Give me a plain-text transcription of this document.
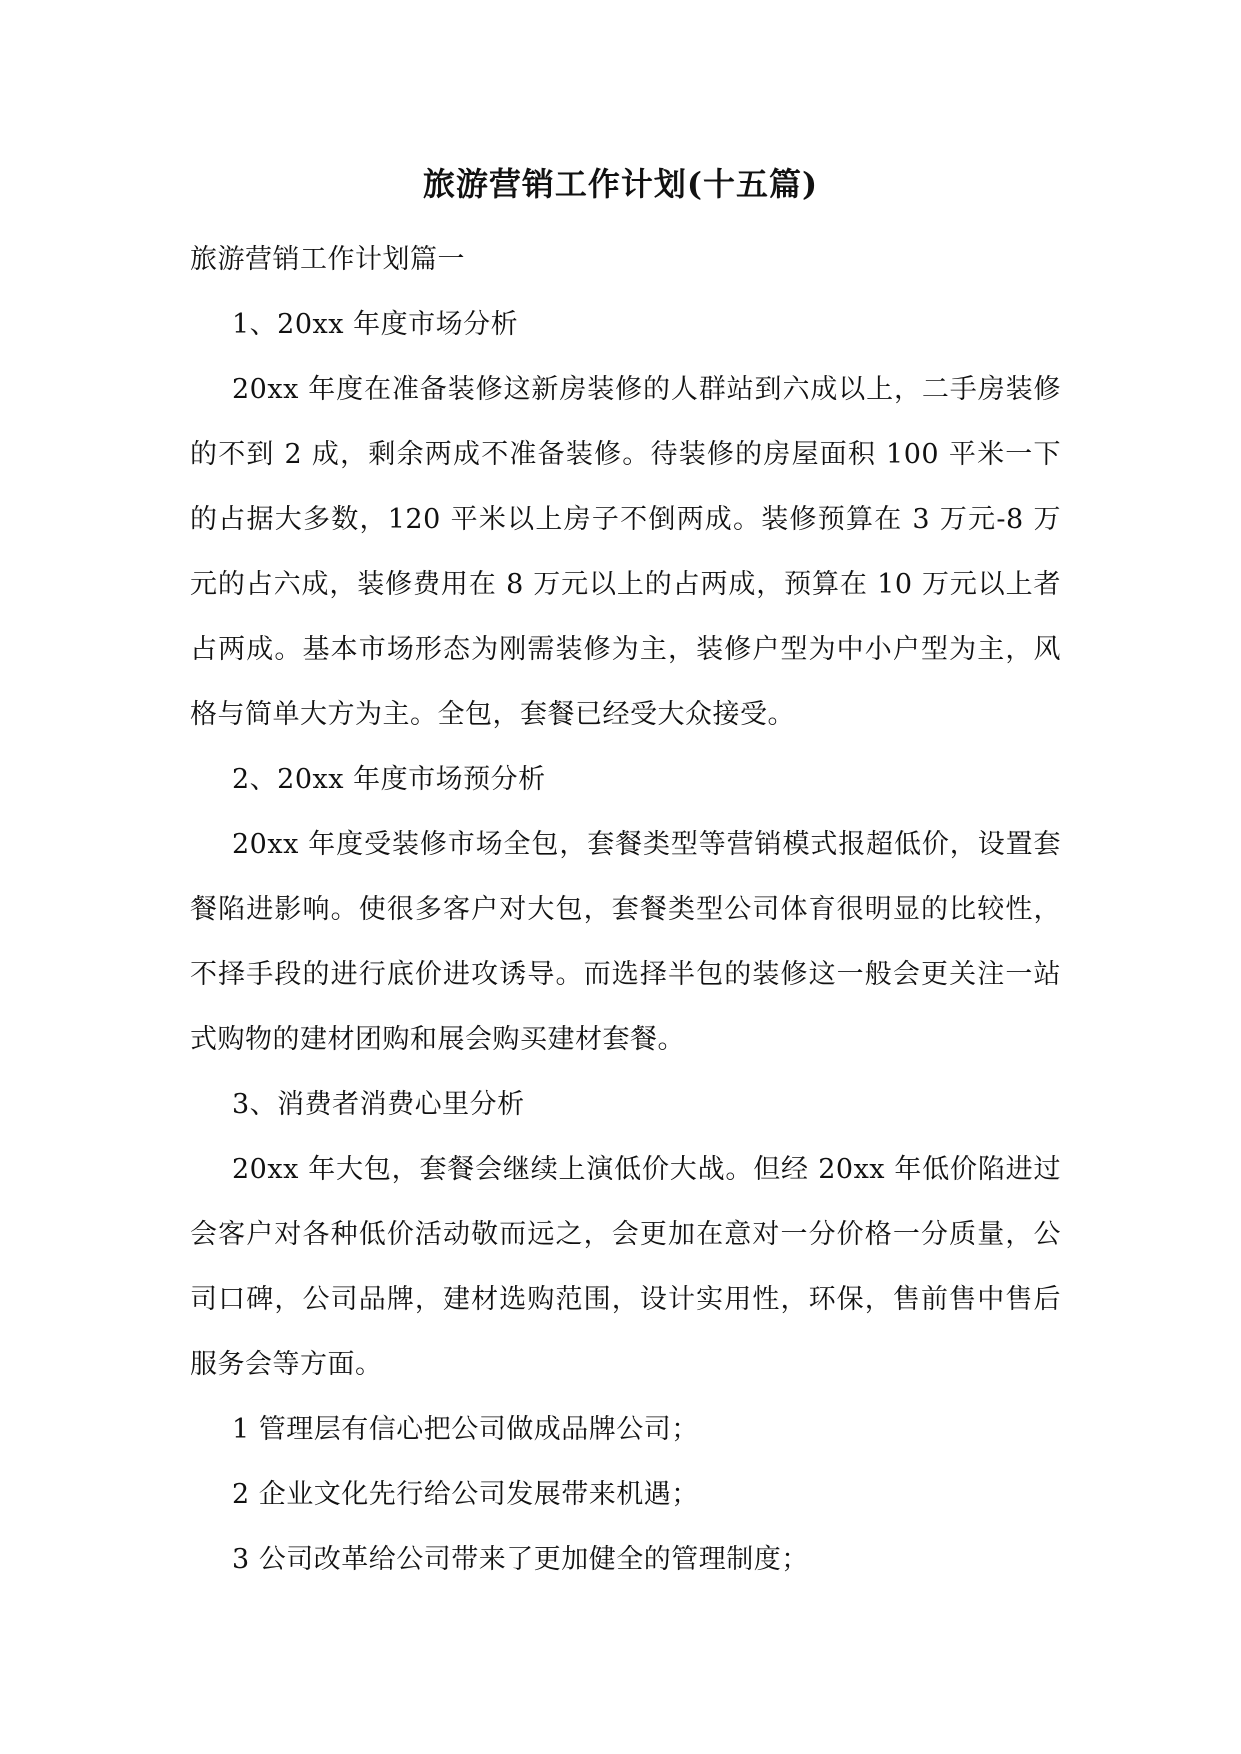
旅游营销工作计划(十五篇)

旅游营销工作计划篇一

1、20xx 年度市场分析

20xx 年度在准备装修这新房装修的人群站到六成以上，二手房装修的不到 2 成，剩余两成不准备装修。待装修的房屋面积 100 平米一下的占据大多数，120 平米以上房子不倒两成。装修预算在 3 万元-8 万元的占六成，装修费用在 8 万元以上的占两成，预算在 10 万元以上者占两成。基本市场形态为刚需装修为主，装修户型为中小户型为主，风格与简单大方为主。全包，套餐已经受大众接受。

2、20xx 年度市场预分析

20xx 年度受装修市场全包，套餐类型等营销模式报超低价，设置套餐陷进影响。使很多客户对大包，套餐类型公司体育很明显的比较性，不择手段的进行底价进攻诱导。而选择半包的装修这一般会更关注一站式购物的建材团购和展会购买建材套餐。

3、消费者消费心里分析

20xx 年大包，套餐会继续上演低价大战。但经 20xx 年低价陷进过会客户对各种低价活动敬而远之，会更加在意对一分价格一分质量，公司口碑，公司品牌，建材选购范围，设计实用性，环保，售前售中售后服务会等方面。

1 管理层有信心把公司做成品牌公司；

2 企业文化先行给公司发展带来机遇；

3 公司改革给公司带来了更加健全的管理制度；
